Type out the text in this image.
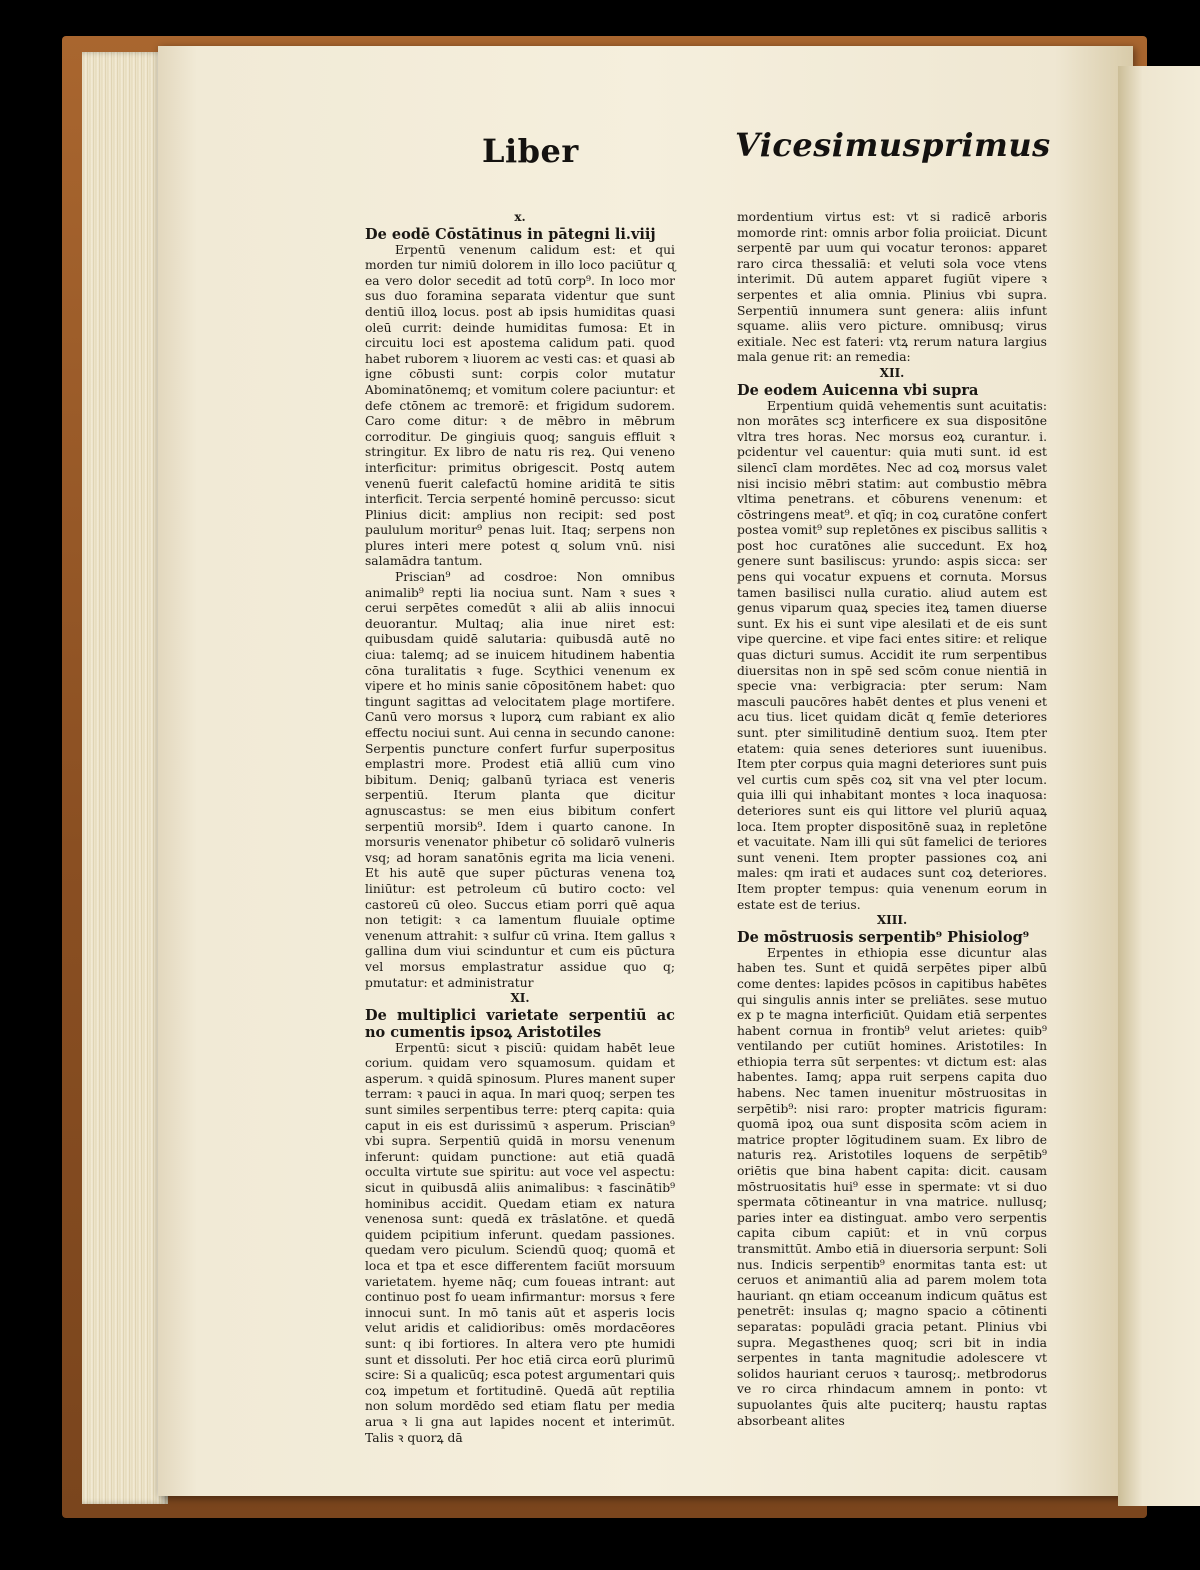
Liber	Vicesimusprimus
x.
De eodē Cōstātinus in pātegni li.viij

Erpentū venenum calidum est: et qui morden tur nimiū dolorem in illo loco paciūtur ɋ ea vero dolor secedit ad totū corp⁹. In loco mor sus duo foramina separata videntur que sunt dentiū illoꝝ locus. post ab ipsis humiditas quasi oleū currit: deinde humiditas fumosa: Et in circuitu loci est apostema calidum pati. quod habet ruborem ꝛ liuorem ac vesti cas: et quasi ab igne cōbusti sunt: corpis color mutatur Abominatōnemq; et vomitum colere paciuntur: et defe ctōnem ac tremorē: et frigidum sudorem. Caro come ditur: ꝛ de mēbro in mēbrum corroditur. De gingiuis quoq; sanguis effluit ꝛ stringitur. Ex libro de natu ris reꝝ. Qui veneno interficitur: primitus obrigescit. Postq autem venenū fuerit calefactū homine ariditā te sitis interficit. Tercia serpenté hominē percusso: sicut Plinius dicit: amplius non recipit: sed post paululum moritur⁹ penas luit. Itaq; serpens non plures interi mere potest ɋ solum vnū. nisi salamādra tantum.

Priscian⁹ ad cosdroe: Non omnibus animalib⁹ repti lia nociua sunt. Nam ꝛ sues ꝛ cerui serpētes comedūt ꝛ alii ab aliis innocui deuorantur. Multaq; alia inue niret est: quibusdam quidē salutaria: quibusdā autē no ciua: talemq; ad se inuicem hitudinem habentia cōna turalitatis ꝛ fuge. Scythici venenum ex vipere et ho minis sanie cōpositōnem habet: quo tingunt sagittas ad velocitatem plage mortifere. Canū vero morsus ꝛ luporꝝ cum rabiant ex alio effectu nociui sunt. Aui cenna in secundo canone: Serpentis puncture confert furfur superpositus emplastri more. Prodest etiā alliū cum vino bibitum. Deniq; galbanū tyriaca est veneris serpentiū. Iterum planta que dicitur agnuscastus: se men eius bibitum confert serpentiū morsib⁹. Idem i quarto canone. In morsuris venenator phibetur cō solidarō vulneris vsq; ad horam sanatōnis egrita ma licia veneni. Et his autē que super pūcturas venena toꝝ liniūtur: est petroleum cū butiro cocto: vel castoreū cū oleo. Succus etiam porri quē aqua non tetigit: ꝛ ca lamentum fluuiale optime venenum attrahit: ꝛ sulfur cū vrina. Item gallus ꝛ gallina dum viui scinduntur et cum eis pūctura vel morsus emplastratur assidue quo q; pmutatur: et administratur

XI.
De multiplici varietate serpentiū ac no cumentis ipsoꝝ Aristotiles

Erpentū: sicut ꝛ pisciū: quidam habēt leue corium. quidam vero squamosum. quidam et asperum. ꝛ quidā spinosum. Plures manent super terram: ꝛ pauci in aqua. In mari quoq; serpen tes sunt similes serpentibus terre: pterq capita: quia caput in eis est durissimū ꝛ asperum. Priscian⁹ vbi supra. Serpentiū quidā in morsu venenum inferunt: quidam punctione: aut etiā quadā occulta virtute sue spiritu: aut voce vel aspectu: sicut in quibusdā aliis animalibus: ꝛ fascinātib⁹ hominibus accidit. Quedam etiam ex natura venenosa sunt: quedā ex trāslatōne. et quedā quidem pcipitium inferunt. quedam passiones. quedam vero piculum. Sciendū quoq; quomā et loca et tpa et esce differentem faciūt morsuum varietatem. hyeme nāq; cum foueas intrant: aut continuo post fo ueam infirmantur: morsus ꝛ fere innocui sunt. In mō tanis aūt et asperis locis velut aridis et calidioribus: omēs mordacēores sunt: q ibi fortiores. In altera vero pte humidi sunt et dissoluti. Per hoc etiā circa eorū plurimū scire: Si a qualicūq; esca potest argumentari quis coꝝ impetum et fortitudinē. Quedā aūt reptilia non solum mordēdo sed etiam flatu per media arua ꝛ li gna aut lapides nocent et interimūt. Talis ꝛ quorꝝ dā

mordentium virtus est: vt si radicē arboris momorde rint: omnis arbor folia proiiciat. Dicunt serpentē par uum qui vocatur teronos: apparet raro circa thessaliā: et veluti sola voce vtens interimit. Dū autem apparet fugiūt vipere ꝛ serpentes et alia omnia. Plinius vbi supra. Serpentiū innumera sunt genera: aliis infunt squame. aliis vero picture. omnibusq; virus exitiale. Nec est fateri: vtꝝ rerum natura largius mala genue rit: an remedia:

XII.
De eodem Auicenna vbi supra

Erpentium quidā vehementis sunt acuitatis: non morātes scꝫ interficere ex sua dispositōne vltra tres horas. Nec morsus eoꝝ curantur. i. pcidentur vel cauentur: quia muti sunt. id est silencī clam mordētes. Nec ad coꝝ morsus valet nisi incisio mēbri statim: aut combustio mēbra vltima penetrans. et cōburens venenum: et cōstringens meat⁹. et qīq; in coꝝ curatōne confert postea vomit⁹ sup repletōnes ex piscibus sallitis ꝛ post hoc curatōnes alie succedunt. Ex hoꝝ genere sunt basiliscus: yrundo: aspis sicca: ser pens qui vocatur expuens et cornuta. Morsus tamen basilisci nulla curatio. aliud autem est genus viparum quaꝝ species iteꝝ tamen diuerse sunt. Ex his ei sunt vipe alesilati et de eis sunt vipe quercine. et vipe faci entes sitire: et relique quas dicturi sumus. Accidit ite rum serpentibus diuersitas non in spē sed scōm conue nientiā in specie vna: verbigracia: pter serum: Nam masculi paucōres habēt dentes et plus veneni et acu tius. licet quidam dicāt ɋ femīe deteriores sunt. pter similitudinē dentium suoꝝ. Item pter etatem: quia senes deteriores sunt iuuenibus. Item pter corpus quia magni deteriores sunt puis vel curtis cum spēs coꝝ sit vna vel pter locum. quia illi qui inhabitant montes ꝛ loca inaquosa: deteriores sunt eis qui littore vel pluriū aquaꝝ loca. Item propter dispositōnē suaꝝ in repletōne et vacuitate. Nam illi qui sūt famelici de teriores sunt veneni. Item propter passiones coꝝ ani males: qm irati et audaces sunt coꝝ deteriores. Item propter tempus: quia venenum eorum in estate est de terius.

XIII.
De mōstruosis serpentib⁹ Phisiolog⁹

Erpentes in ethiopia esse dicuntur alas haben tes. Sunt et quidā serpētes piper albū come dentes: lapides pcōsos in capitibus habētes qui singulis annis inter se preliātes. sese mutuo ex p te magna interficiūt. Quidam etiā serpentes habent cornua in frontib⁹ velut arietes: quib⁹ ventilando per cutiūt homines. Aristotiles: In ethiopia terra sūt serpentes: vt dictum est: alas habentes. Iamq; appa ruit serpens capita duo habens. Nec tamen inuenitur mōstruositas in serpētib⁹: nisi raro: propter matricis figuram: quomā ipoꝝ oua sunt disposita scōm aciem in matrice propter lōgitudinem suam. Ex libro de naturis reꝝ. Aristotiles loquens de serpētib⁹ oriētis que bina habent capita: dicit. causam mōstruositatis hui⁹ esse in spermate: vt si duo spermata cōtineantur in vna matrice. nullusq; paries inter ea distinguat. ambo vero serpentis capita cibum capiūt: et in vnū corpus transmittūt. Ambo etiā in diuersoria serpunt: Soli nus. Indicis serpentib⁹ enormitas tanta est: ut ceruos et animantiū alia ad parem molem tota hauriant. qn etiam occeanum indicum quātus est penetrēt: insulas q; magno spacio a cōtinenti separatas: populādi gracia petant. Plinius vbi supra. Megasthenes quoq; scri bit in india serpentes in tanta magnitudie adolescere vt solidos hauriant ceruos ꝛ taurosq;. metbrodorus ve ro circa rhindacum amnem in ponto: vt supuolantes q̄uis alte puciterq; haustu raptas absorbeant alites
